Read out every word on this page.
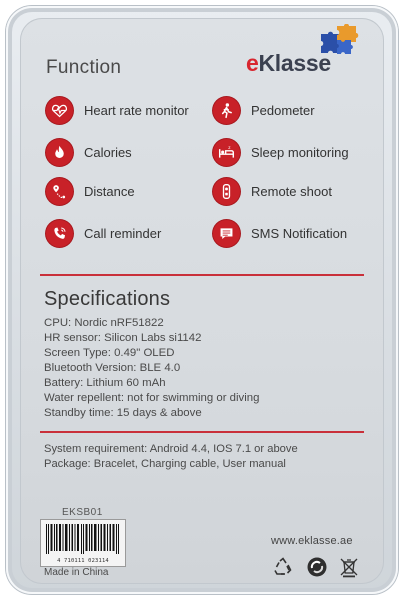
Function	eKlasse
Heart rate monitor	Pedometer
Calories	z Sleep monitoring
Distance	Remote shoot
Call reminder	SMS Notification
Specifications
CPU: Nordic nRF51822
HR sensor: Silicon Labs si1142
Screen Type: 0.49" OLED
Bluetooth Version: BLE 4.0
Battery: Lithium 60 mAh
Water repellent: not for swimming or diving
Standby time: 15 days & above
System requirement: Android 4.4, IOS 7.1 or above
Package: Bracelet, Charging cable, User manual
EKSB01
4 710111 023114
Made in China
www.eklasse.ae
